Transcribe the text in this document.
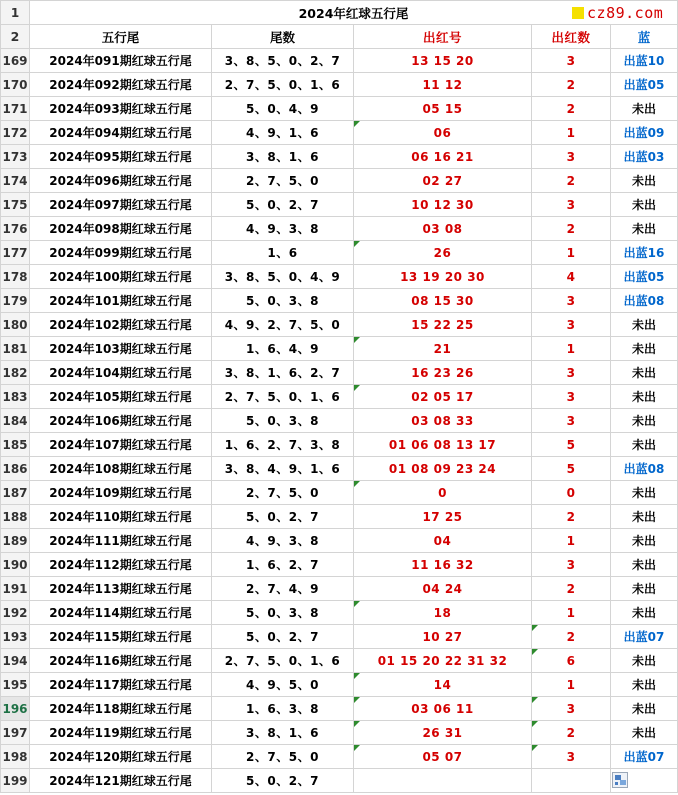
1	2024年红球五行尾 cz89.com				

2	五行尾	尾数	出红号	出红数	蓝
169	2024年091期红球五行尾	3、8、5、0、2、7	13 15 20	3	出蓝10
170	2024年092期红球五行尾	2、7、5、0、1、6	11 12	2	出蓝05
171	2024年093期红球五行尾	5、0、4、9	05 15	2	未出
172	2024年094期红球五行尾	4、9、1、6	06	1	出蓝09
173	2024年095期红球五行尾	3、8、1、6	06 16 21	3	出蓝03
174	2024年096期红球五行尾	2、7、5、0	02 27	2	未出
175	2024年097期红球五行尾	5、0、2、7	10 12 30	3	未出
176	2024年098期红球五行尾	4、9、3、8	03 08	2	未出
177	2024年099期红球五行尾	1、6	26	1	出蓝16
178	2024年100期红球五行尾	3、8、5、0、4、9	13 19 20 30	4	出蓝05
179	2024年101期红球五行尾	5、0、3、8	08 15 30	3	出蓝08
180	2024年102期红球五行尾	4、9、2、7、5、0	15 22 25	3	未出
181	2024年103期红球五行尾	1、6、4、9	21	1	未出
182	2024年104期红球五行尾	3、8、1、6、2、7	16 23 26	3	未出
183	2024年105期红球五行尾	2、7、5、0、1、6	02 05 17	3	未出
184	2024年106期红球五行尾	5、0、3、8	03 08 33	3	未出
185	2024年107期红球五行尾	1、6、2、7、3、8	01 06 08 13 17	5	未出
186	2024年108期红球五行尾	3、8、4、9、1、6	01 08 09 23 24	5	出蓝08
187	2024年109期红球五行尾	2、7、5、0	0	0	未出
188	2024年110期红球五行尾	5、0、2、7	17 25	2	未出
189	2024年111期红球五行尾	4、9、3、8	04	1	未出
190	2024年112期红球五行尾	1、6、2、7	11 16 32	3	未出
191	2024年113期红球五行尾	2、7、4、9	04 24	2	未出
192	2024年114期红球五行尾	5、0、3、8	18	1	未出
193	2024年115期红球五行尾	5、0、2、7	10 27	2	出蓝07
194	2024年116期红球五行尾	2、7、5、0、1、6	01 15 20 22 31 32	6	未出
195	2024年117期红球五行尾	4、9、5、0	14	1	未出
196	2024年118期红球五行尾	1、6、3、8	03 06 11	3	未出
197	2024年119期红球五行尾	3、8、1、6	26 31	2	未出
198	2024年120期红球五行尾	2、7、5、0	05 07	3	出蓝07
199	2024年121期红球五行尾	5、0、2、7			
